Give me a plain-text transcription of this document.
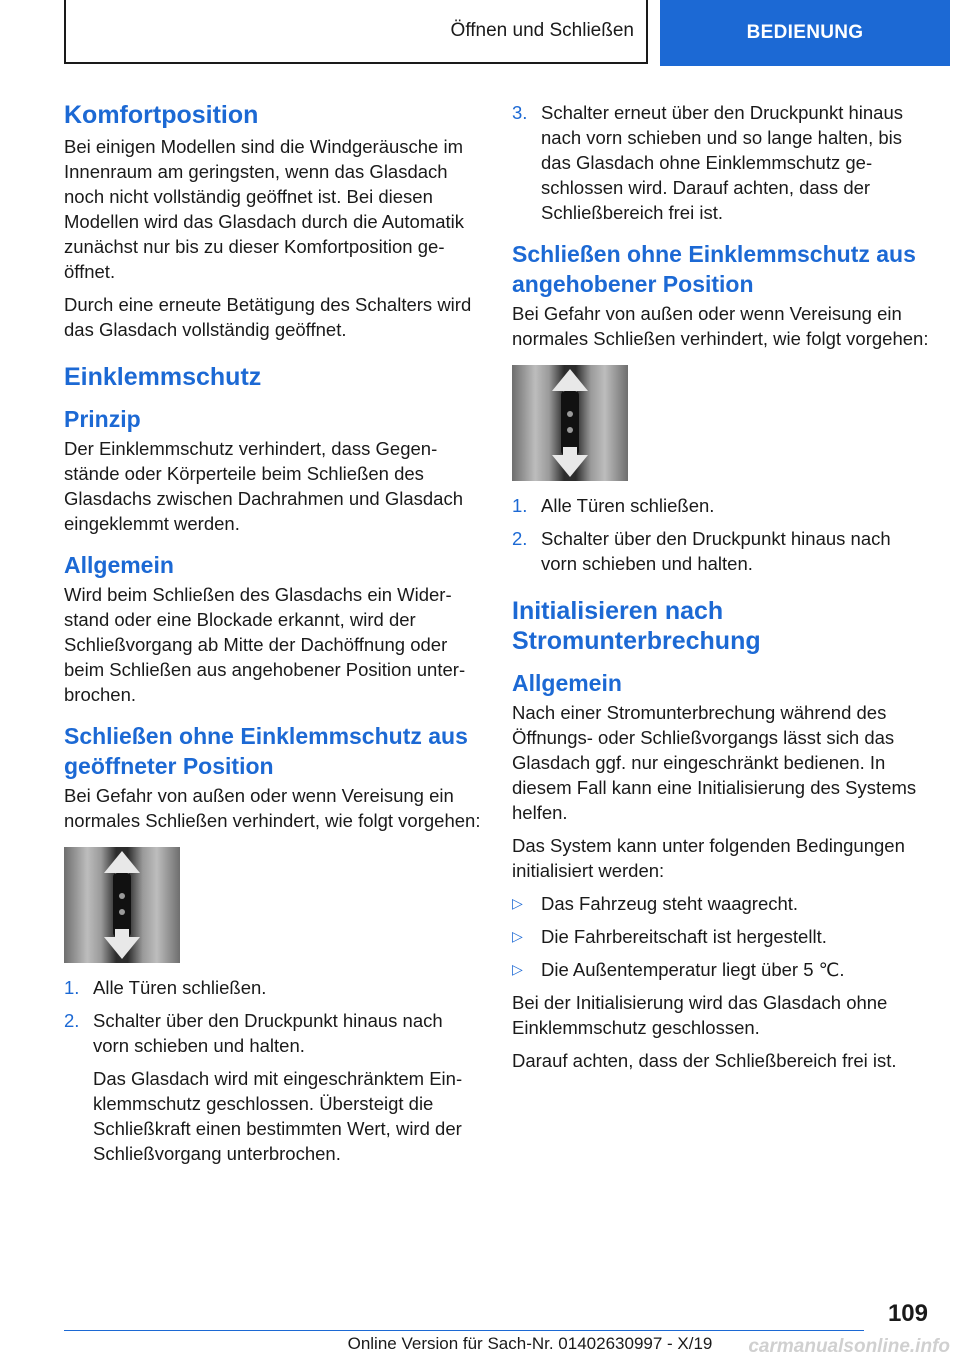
Öffnen und Schließen	BEDIENUNG
Komfortposition

Bei einigen Modellen sind die Windgeräusche im Innenraum am geringsten, wenn das Glasdach noch nicht vollständig geöffnet ist. Bei diesen Modellen wird das Glasdach durch die Automatik zunächst nur bis zu dieser Komfortposition geöffnet.

Durch eine erneute Betätigung des Schalters wird das Glasdach vollständig geöffnet.

Einklemmschutz
Prinzip

Der Einklemmschutz verhindert, dass Gegenstände oder Körperteile beim Schließen des Glasdachs zwischen Dachrahmen und Glasdach eingeklemmt werden.

Allgemein

Wird beim Schließen des Glasdachs ein Widerstand oder eine Blockade erkannt, wird der Schließvorgang ab Mitte der Dachöffnung oder beim Schließen aus angehobener Position unterbrochen.

Schließen ohne Einklemmschutz aus geöffneter Position

Bei Gefahr von außen oder wenn Vereisung ein normales Schließen verhindert, wie folgt vorgehen:

1. Alle Türen schließen.
2. Schalter über den Druckpunkt hinaus nach vorn schieben und halten.
Das Glasdach wird mit eingeschränktem Einklemmschutz geschlossen. Übersteigt die Schließkraft einen bestimmten Wert, wird der Schließvorgang unterbrochen.
3. Schalter erneut über den Druckpunkt hinaus nach vorn schieben und so lange halten, bis das Glasdach ohne Einklemmschutz geschlossen wird. Darauf achten, dass der Schließbereich frei ist.
Schließen ohne Einklemmschutz aus angehobener Position

Bei Gefahr von außen oder wenn Vereisung ein normales Schließen verhindert, wie folgt vorgehen:

1. Alle Türen schließen.
2. Schalter über den Druckpunkt hinaus nach vorn schieben und halten.
Initialisieren nach Stromunterbrechung
Allgemein

Nach einer Stromunterbrechung während des Öffnungs- oder Schließvorgangs lässt sich das Glasdach ggf. nur eingeschränkt bedienen. In diesem Fall kann eine Initialisierung des Systems helfen.

Das System kann unter folgenden Bedingungen initialisiert werden:

▷ Das Fahrzeug steht waagrecht.
▷ Die Fahrbereitschaft ist hergestellt.
▷ Die Außentemperatur liegt über 5 ℃.

Bei der Initialisierung wird das Glasdach ohne Einklemmschutz geschlossen.

Darauf achten, dass der Schließbereich frei ist.

109
Online Version für Sach-Nr. 01402630997 - X/19	carmanualsonline.info
